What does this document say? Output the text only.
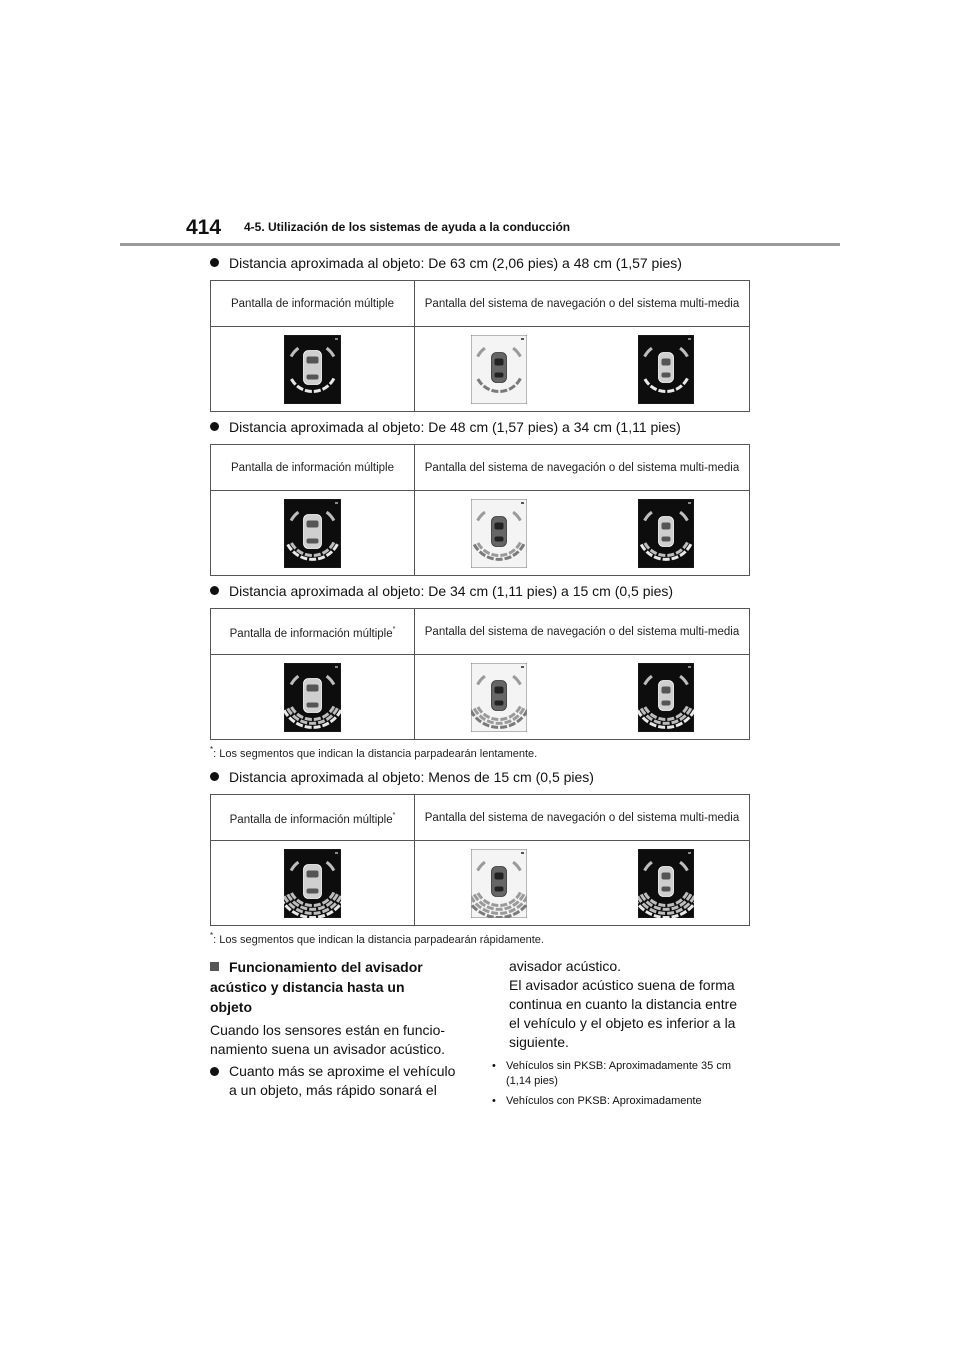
414 4-5. Utilización de los sistemas de ayuda a la conducción
Distancia aproximada al objeto: De 63 cm (2,06 pies) a 48 cm (1,57 pies)
Pantalla de información múltiple	Pantalla del sistema de navegación o del sistema multi-media

Distancia aproximada al objeto: De 48 cm (1,57 pies) a 34 cm (1,11 pies)
Pantalla de información múltiple	Pantalla del sistema de navegación o del sistema multi-media

Distancia aproximada al objeto: De 34 cm (1,11 pies) a 15 cm (0,5 pies)
Pantalla de información múltiple*	Pantalla del sistema de navegación o del sistema multi-media

*: Los segmentos que indican la distancia parpadearán lentamente.
Distancia aproximada al objeto: Menos de 15 cm (0,5 pies)
Pantalla de información múltiple*	Pantalla del sistema de navegación o del sistema multi-media

*: Los segmentos que indican la distancia parpadearán rápidamente.
Funcionamiento del avisador acústico y distancia hasta un objeto
Cuando los sensores están en funcio-namiento suena un avisador acústico.
Cuanto más se aproxime el vehículo a un objeto, más rápido sonará el
avisador acústico.
El avisador acústico suena de forma continua en cuanto la distancia entre el vehículo y el objeto es inferior a la siguiente.
• Vehículos sin PKSB: Aproximadamente 35 cm (1,14 pies)
• Vehículos con PKSB: Aproximadamente
